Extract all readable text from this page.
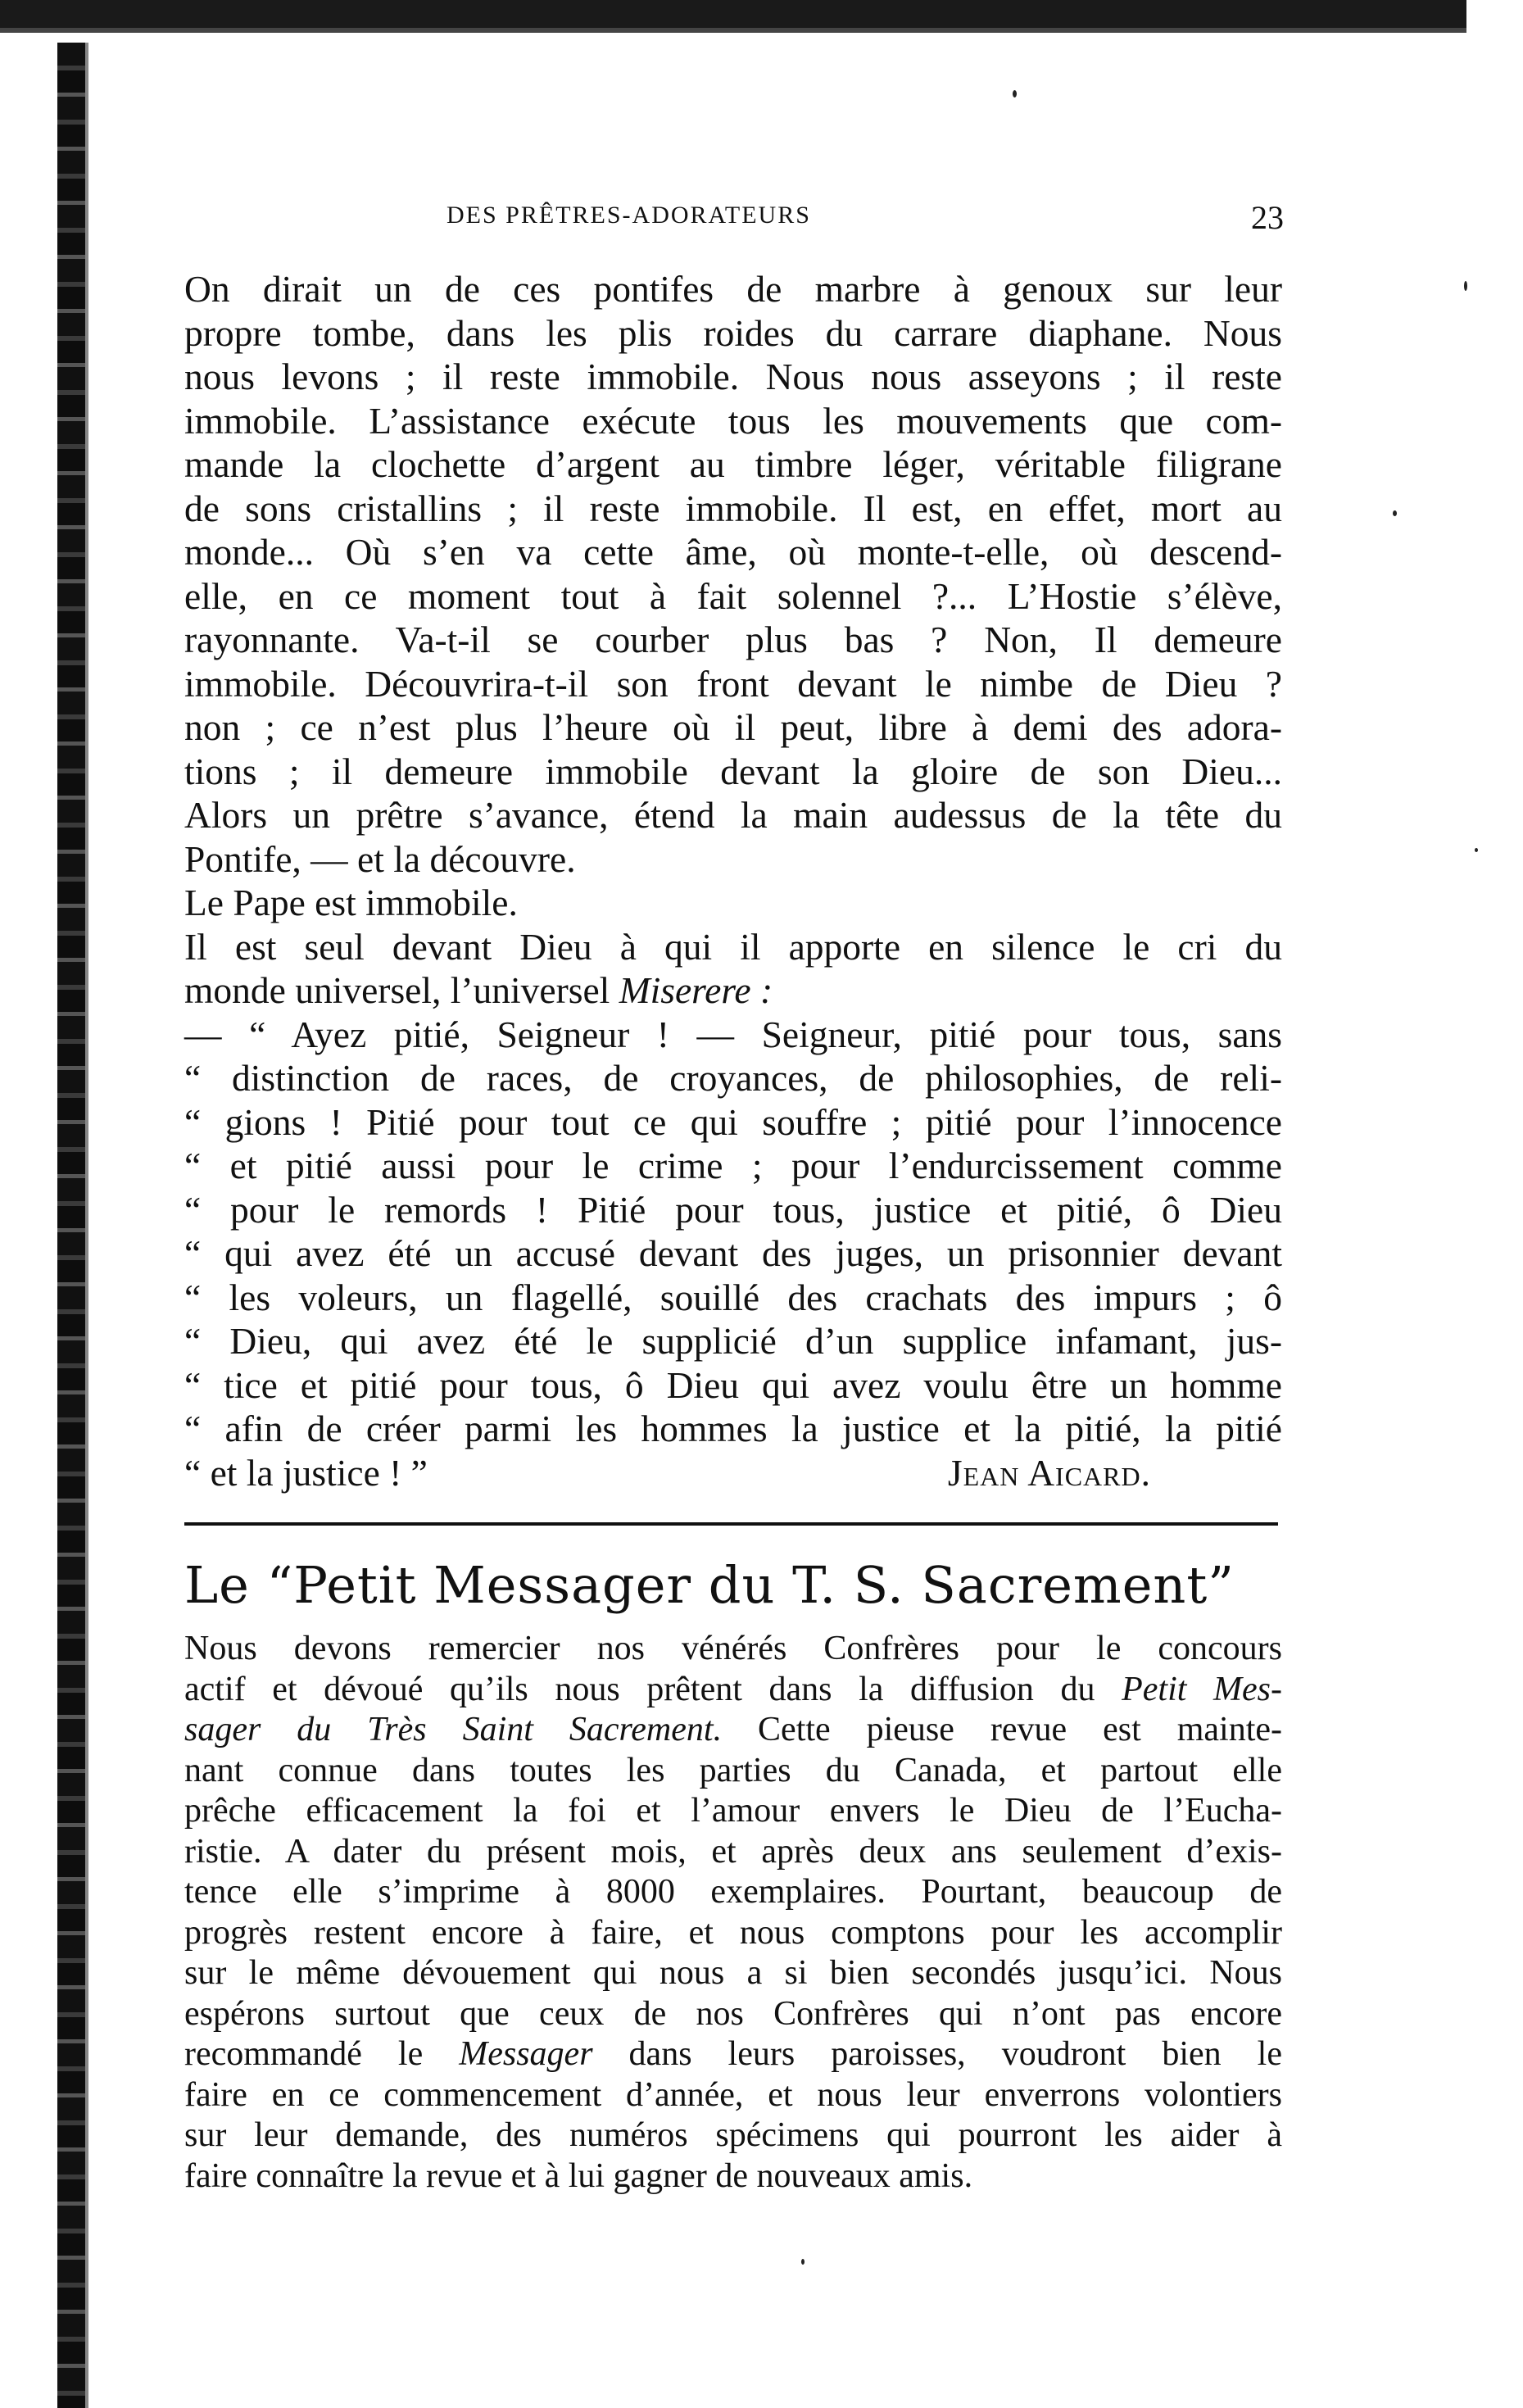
DES PRÊTRES-ADORATEURS	23

On dirait un de ces pontifes de marbre à genoux sur leur
propre tombe, dans les plis roides du carrare diaphane. Nous
nous levons ; il reste immobile. Nous nous asseyons ; il reste
immobile. L’assistance exécute tous les mouvements que com-
mande la clochette d’argent au timbre léger, véritable filigrane
de sons cristallins ; il reste immobile. Il est, en effet, mort au
monde... Où s’en va cette âme, où monte-t-elle, où descend-
elle, en ce moment tout à fait solennel ?... L’Hostie s’élève,
rayonnante. Va-t-il se courber plus bas ? Non, Il demeure
immobile. Découvrira-t-il son front devant le nimbe de Dieu ?
non ; ce n’est plus l’heure où il peut, libre à demi des adora-
tions ; il demeure immobile devant la gloire de son Dieu...
Alors un prêtre s’avance, étend la main audessus de la tête du
Pontife, — et la découvre.

Le Pape est immobile.

Il est seul devant Dieu à qui il apporte en silence le cri du
monde universel, l’universel Miserere :

— “ Ayez pitié, Seigneur ! — Seigneur, pitié pour tous, sans
“ distinction de races, de croyances, de philosophies, de reli-
“ gions ! Pitié pour tout ce qui souffre ; pitié pour l’innocence
“ et pitié aussi pour le crime ; pour l’endurcissement comme
“ pour le remords ! Pitié pour tous, justice et pitié, ô Dieu
“ qui avez été un accusé devant des juges, un prisonnier devant
“ les voleurs, un flagellé, souillé des crachats des impurs ; ô
“ Dieu, qui avez été le supplicié d’un supplice infamant, jus-
“ tice et pitié pour tous, ô Dieu qui avez voulu être un homme
“ afin de créer parmi les hommes la justice et la pitié, la pitié
“ et la justice ! ”	Jean Aicard.

Le “Petit Messager du T. S. Sacrement”
Nous devons remercier nos vénérés Confrères pour le concours
actif et dévoué qu’ils nous prêtent dans la diffusion du Petit Mes-
sager du Très Saint Sacrement. Cette pieuse revue est mainte-
nant connue dans toutes les parties du Canada, et partout elle
prêche efficacement la foi et l’amour envers le Dieu de l’Eucha-
ristie. A dater du présent mois, et après deux ans seulement d’exis-
tence elle s’imprime à 8000 exemplaires. Pourtant, beaucoup de
progrès restent encore à faire, et nous comptons pour les accomplir
sur le même dévouement qui nous a si bien secondés jusqu’ici. Nous
espérons surtout que ceux de nos Confrères qui n’ont pas encore
recommandé le Messager dans leurs paroisses, voudront bien le
faire en ce commencement d’année, et nous leur enverrons volontiers
sur leur demande, des numéros spécimens qui pourront les aider à
faire connaître la revue et à lui gagner de nouveaux amis.
